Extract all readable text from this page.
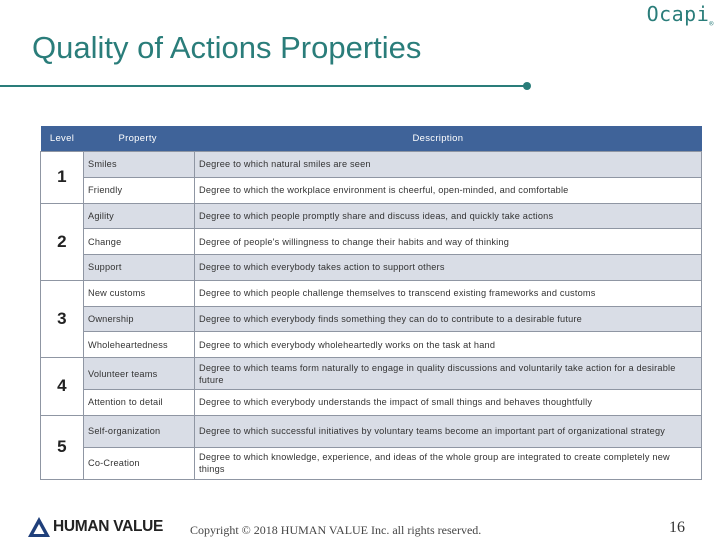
Ocapi$_®$
Quality of Actions Properties
Level	Property	Description
1	Smiles	Degree to which natural smiles are seen
	Friendly	Degree to which the workplace environment is cheerful, open-minded, and comfortable
2	Agility	Degree to which people promptly share and discuss ideas, and quickly take actions
	Change	Degree of people's willingness to change their habits and way of thinking
	Support	Degree to which everybody takes action to support others
3	New customs	Degree to which people challenge themselves to transcend existing frameworks and customs
	Ownership	Degree to which everybody finds something they can do to contribute to a desirable future
	Wholeheartedness	Degree to which everybody wholeheartedly works on the task at hand
4	Volunteer teams	Degree to which teams form naturally to engage in quality discussions and voluntarily take action for a desirable future
	Attention to detail	Degree to which everybody understands the impact of small things and behaves thoughtfully
5	Self-organization	Degree to which successful initiatives by voluntary teams become an important part of organizational strategy
	Co-Creation	Degree to which knowledge, experience, and ideas of the whole group are integrated to create completely new things
HUMAN VALUE Copyright © 2018 HUMAN VALUE Inc. all rights reserved.	16
